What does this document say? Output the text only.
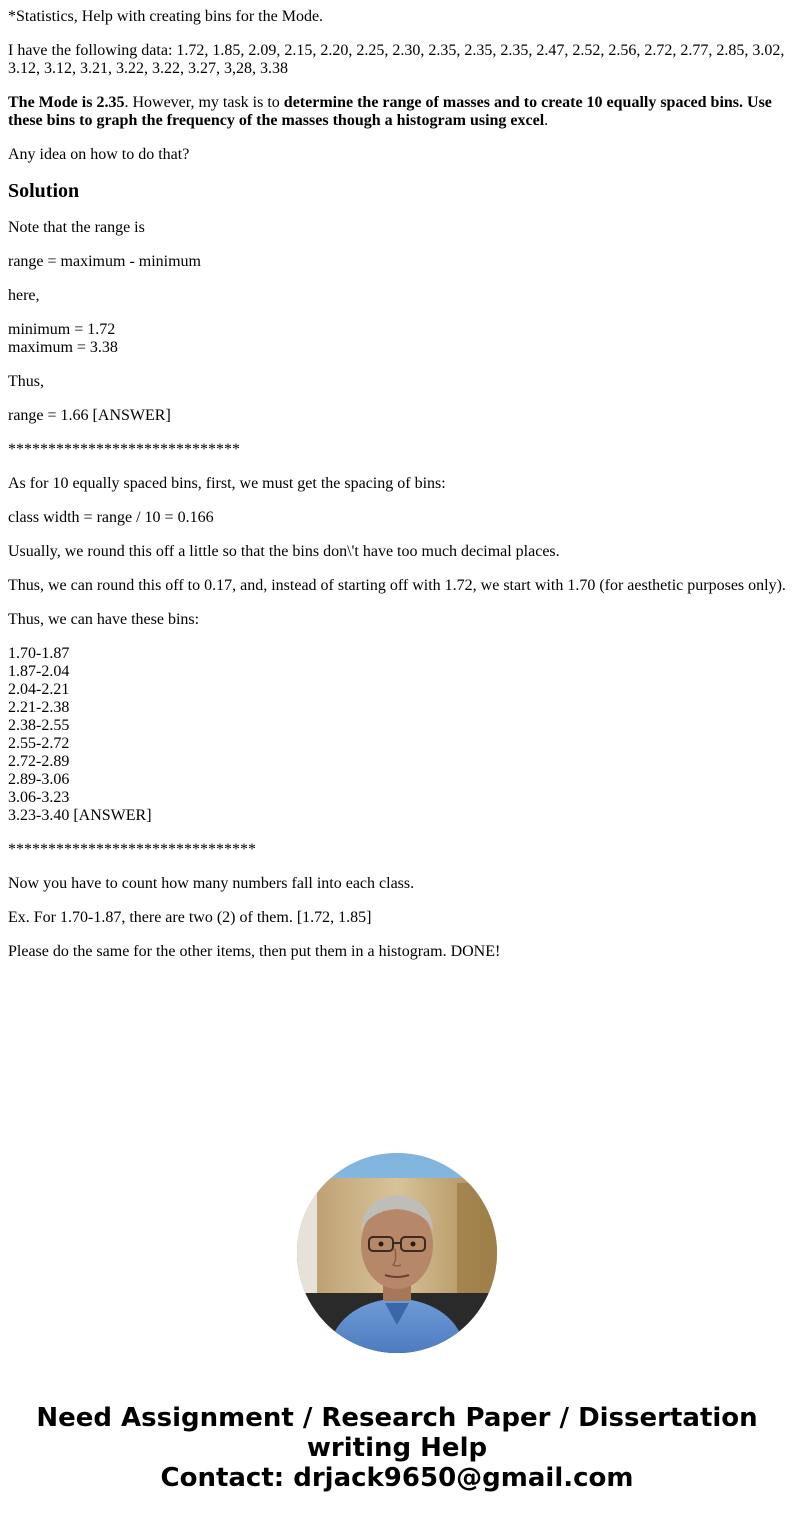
*Statistics, Help with creating bins for the Mode.

I have the following data: 1.72, 1.85, 2.09, 2.15, 2.20, 2.25, 2.30, 2.35, 2.35, 2.35, 2.47, 2.52, 2.56, 2.72, 2.77, 2.85, 3.02, 3.12, 3.12, 3.21, 3.22, 3.22, 3.27, 3,28, 3.38

The Mode is 2.35. However, my task is to determine the range of masses and to create 10 equally spaced bins. Use these bins to graph the frequency of the masses though a histogram using excel.

Any idea on how to do that?

Solution

Note that the range is

range = maximum - minimum

here,

minimum = 1.72
maximum = 3.38

Thus,

range = 1.66 [ANSWER]

*****************************

As for 10 equally spaced bins, first, we must get the spacing of bins:

class width = range / 10 = 0.166

Usually, we round this off a little so that the bins don\'t have too much decimal places.

Thus, we can round this off to 0.17, and, instead of starting off with 1.72, we start with 1.70 (for aesthetic purposes only).

Thus, we can have these bins:

1.70-1.87
1.87-2.04
2.04-2.21
2.21-2.38
2.38-2.55
2.55-2.72
2.72-2.89
2.89-3.06
3.06-3.23
3.23-3.40 [ANSWER]

*******************************

Now you have to count how many numbers fall into each class.

Ex. For 1.70-1.87, there are two (2) of them. [1.72, 1.85]

Please do the same for the other items, then put them in a histogram. DONE!

Need Assignment / Research Paper / Dissertation
writing Help
Contact: drjack9650@gmail.com
